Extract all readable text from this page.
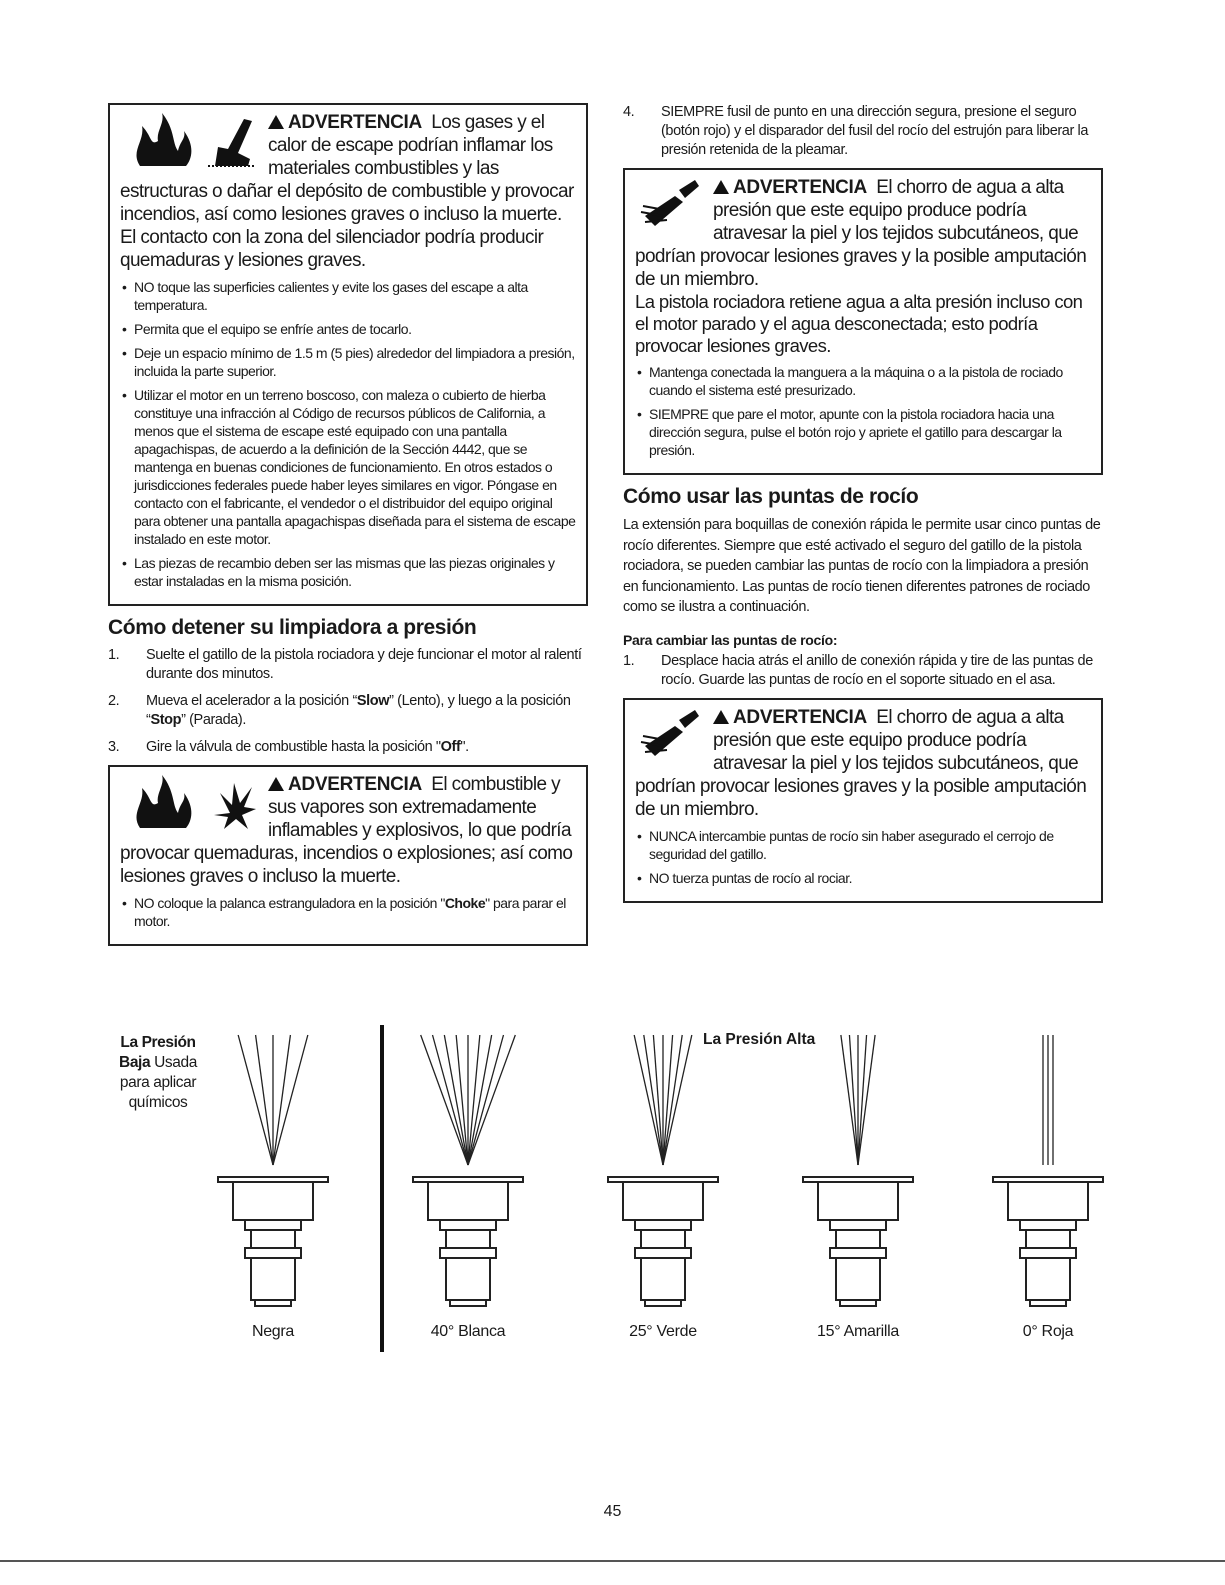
ADVERTENCIA Los gases y el calor de escape podrían inflamar los materiales combustibles y las estructuras o dañar el depósito de combustible y provocar incendios, así como lesiones graves o incluso la muerte. El contacto con la zona del silenciador podría producir quemaduras y lesiones graves.
• NO toque las superficies calientes y evite los gases del escape a alta temperatura.
• Permita que el equipo se enfríe antes de tocarlo.
• Deje un espacio mínimo de 1.5 m (5 pies) alrededor del limpiadora a presión, incluida la parte superior.
• Utilizar el motor en un terreno boscoso, con maleza o cubierto de hierba constituye una infracción al Código de recursos públicos de California, a menos que el sistema de escape esté equipado con una pantalla apagachispas, de acuerdo a la definición de la Sección 4442, que se mantenga en buenas condiciones de funcionamiento. En otros estados o jurisdicciones federales puede haber leyes similares en vigor. Póngase en contacto con el fabricante, el vendedor o el distribuidor del equipo original para obtener una pantalla apagachispas diseñada para el sistema de escape instalado en este motor.
• Las piezas de recambio deben ser las mismas que las piezas originales y estar instaladas en la misma posición.
Cómo detener su limpiadora a presión
1. Suelte el gatillo de la pistola rociadora y deje funcionar el motor al ralentí durante dos minutos.
2. Mueva el acelerador a la posición “Slow” (Lento), y luego a la posición “Stop” (Parada).
3. Gire la válvula de combustible hasta la posición "Off".
ADVERTENCIA El combustible y sus vapores son extremadamente inflamables y explosivos, lo que podría provocar quemaduras, incendios o explosiones; así como lesiones graves o incluso la muerte.
• NO coloque la palanca estranguladora en la posición "Choke" para parar el motor.
4. SIEMPRE fusil de punto en una dirección segura, presione el seguro (botón rojo) y el disparador del fusil del rocío del estrujón para liberar la presión retenida de la pleamar.
ADVERTENCIA El chorro de agua a alta presión que este equipo produce podría atravesar la piel y los tejidos subcutáneos, que podrían provocar lesiones graves y la posible amputación de un miembro.
La pistola rociadora retiene agua a alta presión incluso con el motor parado y el agua desconectada; esto podría provocar lesiones graves.
• Mantenga conectada la manguera a la máquina o a la pistola de rociado cuando el sistema esté presurizado.
• SIEMPRE que pare el motor, apunte con la pistola rociadora hacia una dirección segura, pulse el botón rojo y apriete el gatillo para descargar la presión.
Cómo usar las puntas de rocío

La extensión para boquillas de conexión rápida le permite usar cinco puntas de rocío diferentes. Siempre que esté activado el seguro del gatillo de la pistola rociadora, se pueden cambiar las puntas de rocío con la limpiadora a presión en funcionamiento. Las puntas de rocío tienen diferentes patrones de rociado como se ilustra a continuación.

Para cambiar las puntas de rocío:
1. Desplace hacia atrás el anillo de conexión rápida y tire de las puntas de rocío. Guarde las puntas de rocío en el soporte situado en el asa.
ADVERTENCIA El chorro de agua a alta presión que este equipo produce podría atravesar la piel y los tejidos subcutáneos, que podrían provocar lesiones graves y la posible amputación de un miembro.
• NUNCA intercambie puntas de rocío sin haber asegurado el cerrojo de seguridad del gatillo.
• NO tuerza puntas de rocío al rociar.
La Presión Baja Usada para aplicar químicos
La Presión Alta
Negra	40° Blanca	25° Verde	15° Amarilla	0° Roja
45
